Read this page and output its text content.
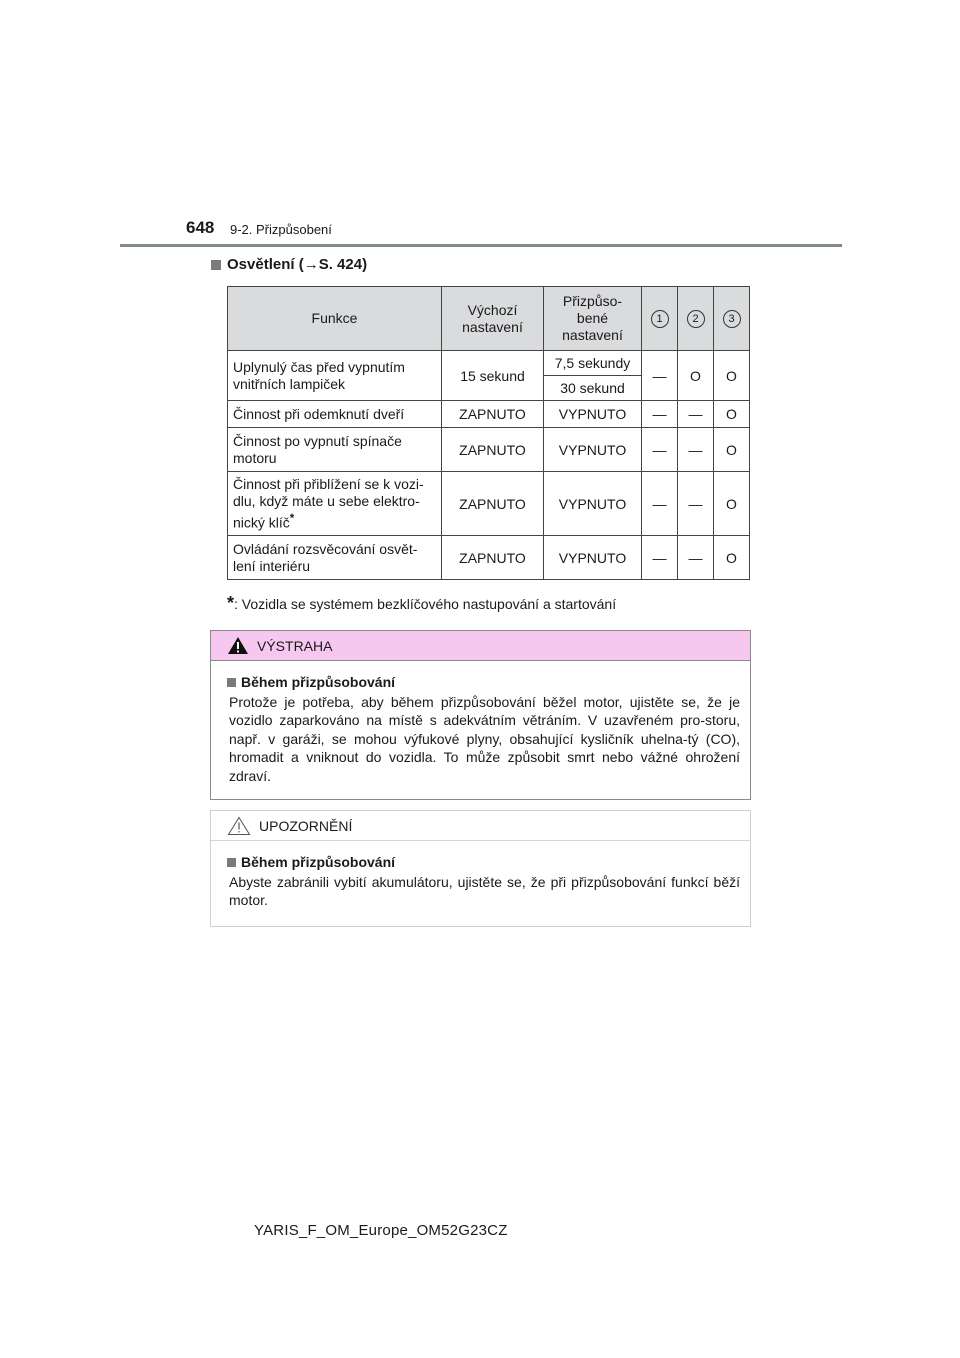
648 9-2. Přizpůsobení
Osvětlení ( → S. 424)
Funkce	Výchozí nastavení	Přizpůso-bené nastavení	1	2	3
Uplynulý čas před vypnutím vnitřních lampiček	15 sekund	7,5 sekundy	—	O	O
		30 sekund			
Činnost při odemknutí dveří	ZAPNUTO	VYPNUTO	—	—	O
Činnost po vypnutí spínače motoru	ZAPNUTO	VYPNUTO	—	—	O
Činnost při přiblížení se k vozi-dlu, když máte u sebe elektro-nický klíč*	ZAPNUTO	VYPNUTO	—	—	O
Ovládání rozsvěcování osvět-lení interiéru	ZAPNUTO	VYPNUTO	—	—	O
*: Vozidla se systémem bezklíčového nastupování a startování
VÝSTRAHA
Během přizpůsobování
Protože je potřeba, aby během přizpůsobování běžel motor, ujistěte se, že je vozidlo zaparkováno na místě s adekvátním větráním. V uzavřeném pro-storu, např. v garáži, se mohou výfukové plyny, obsahující kysličník uhelna-tý (CO), hromadit a vniknout do vozidla. To může způsobit smrt nebo vážné ohrožení zdraví.
UPOZORNĚNÍ
Během přizpůsobování
Abyste zabránili vybití akumulátoru, ujistěte se, že při přizpůsobování funkcí běží motor.
YARIS_F_OM_Europe_OM52G23CZ
